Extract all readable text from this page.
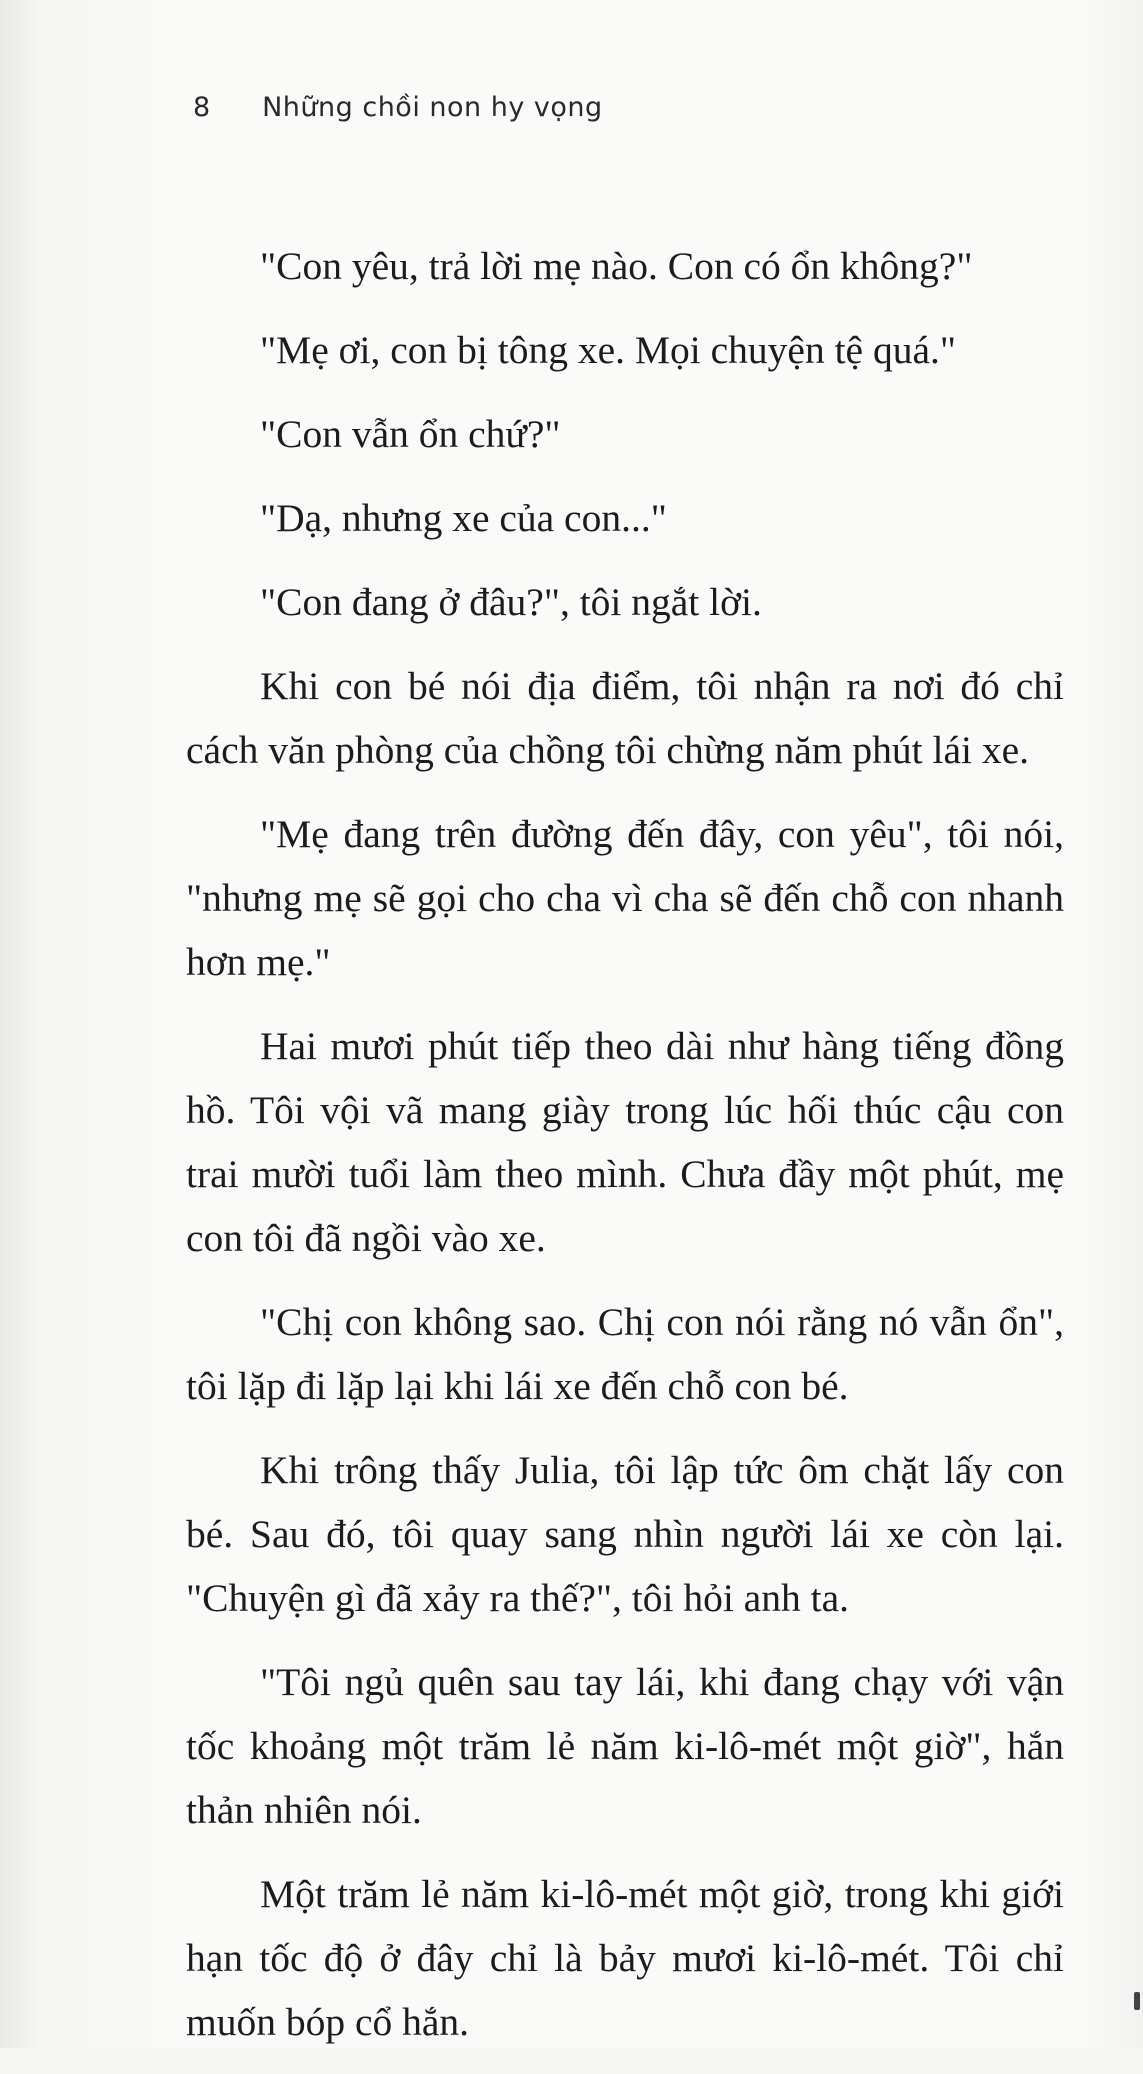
8 Những chồi non hy vọng

"Con yêu, trả lời mẹ nào. Con có ổn không?"

"Mẹ ơi, con bị tông xe. Mọi chuyện tệ quá."

"Con vẫn ổn chứ?"

"Dạ, nhưng xe của con..."

"Con đang ở đâu?", tôi ngắt lời.

Khi con bé nói địa điểm, tôi nhận ra nơi đó chỉ cách văn phòng của chồng tôi chừng năm phút lái xe.

"Mẹ đang trên đường đến đây, con yêu", tôi nói, "nhưng mẹ sẽ gọi cho cha vì cha sẽ đến chỗ con nhanh hơn mẹ."

Hai mươi phút tiếp theo dài như hàng tiếng đồng hồ. Tôi vội vã mang giày trong lúc hối thúc cậu con trai mười tuổi làm theo mình. Chưa đầy một phút, mẹ con tôi đã ngồi vào xe.

"Chị con không sao. Chị con nói rằng nó vẫn ổn", tôi lặp đi lặp lại khi lái xe đến chỗ con bé.

Khi trông thấy Julia, tôi lập tức ôm chặt lấy con bé. Sau đó, tôi quay sang nhìn người lái xe còn lại. "Chuyện gì đã xảy ra thế?", tôi hỏi anh ta.

"Tôi ngủ quên sau tay lái, khi đang chạy với vận tốc khoảng một trăm lẻ năm ki-lô-mét một giờ", hắn thản nhiên nói.

Một trăm lẻ năm ki-lô-mét một giờ, trong khi giới hạn tốc độ ở đây chỉ là bảy mươi ki-lô-mét. Tôi chỉ muốn bóp cổ hắn.
